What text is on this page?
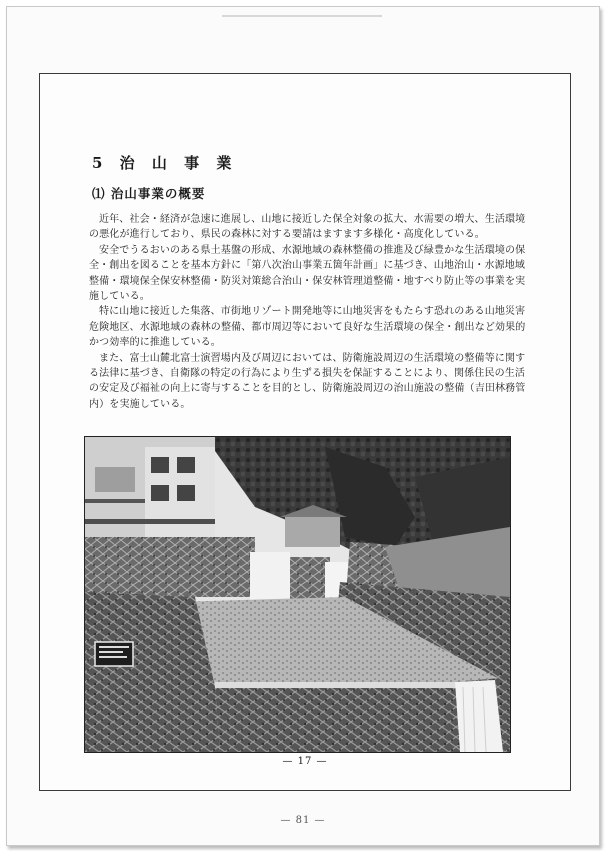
5 治 山 事 業
⑴ 治山事業の概要

近年、社会・経済が急速に進展し、山地に接近した保全対象の拡大、水需要の増大、生活環境の悪化が進行しており、県民の森林に対する要請はますます多様化・高度化している。

安全でうるおいのある県土基盤の形成、水源地域の森林整備の推進及び緑豊かな生活環境の保全・創出を図ることを基本方針に「第八次治山事業五箇年計画」に基づき、山地治山・水源地域整備・環境保全保安林整備・防災対策総合治山・保安林管理道整備・地すべり防止等の事業を実施している。

特に山地に接近した集落、市街地リゾート開発地等に山地災害をもたらす恐れのある山地災害危険地区、水源地域の森林の整備、都市周辺等において良好な生活環境の保全・創出など効果的かつ効率的に推進している。

また、富士山麓北富士演習場内及び周辺においては、防衛施設周辺の生活環境の整備等に関する法律に基づき、自衛隊の特定の行為により生ずる損失を保証することにより、関係住民の生活の安定及び福祉の向上に寄与することを目的とし、防衛施設周辺の治山施設の整備（吉田林務管内）を実施している。

— 17 —
— 81 —
